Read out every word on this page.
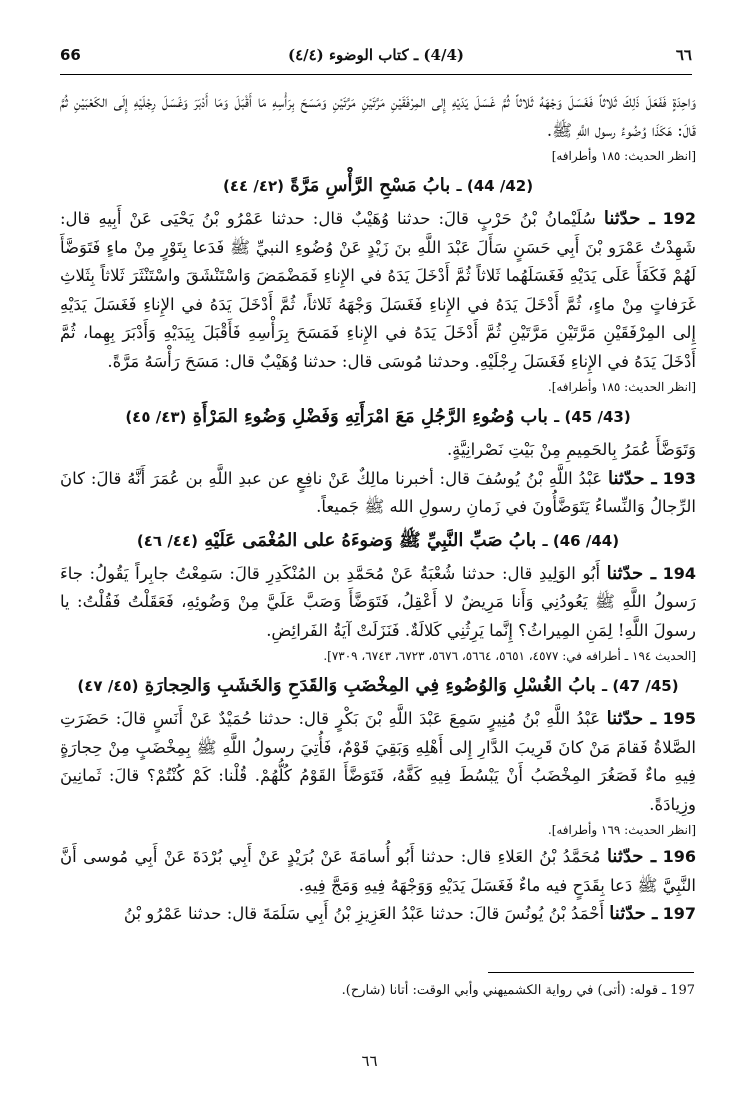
66	(4/4) ـ كتاب الوضوء (٤/٤)	٦٦

وَاحِدَةٍ فَفَعَلَ ذَلِكَ ثَلاثاً فَغَسَلَ وَجْهَهُ ثَلاثاً ثُمَّ غَسَلَ يَدَيْهِ إِلى المِرْفَقَيْنِ مَرَّتَيْنِ مَرَّتَيْنِ وَمَسَحَ بِرَأْسِهِ مَا أَقْبَلَ وَمَا أَدْبَرَ وَغَسَلَ رِجْلَيْهِ إِلَى الكَعْبَيْنِ ثُمَّ قَالَ: هَكَذَا وُضُوءُ رسول اللَّهِ ﷺ.

[انظر الحديث: ١٨٥ وأطرافه]

(42/ 44) ـ بابُ مَسْحِ الرَّأْسِ مَرَّةً (٤٢/ ٤٤)

192 ـ حدّثنا سُلَيْمانُ بْنُ حَرْبٍ قالَ: حدثنا وُهَيْبٌ قال: حدثنا عَمْرُو بْنُ يَحْيَى عَنْ أَبِيهِ قال: شَهِدْتُ عَمْرَو بْنَ أَبِي حَسَنٍ سَأَلَ عَبْدَ اللَّهِ بنَ زَيْدٍ عَنْ وُضُوءِ النبيِّ ﷺ فَدَعا بِتَوْرٍ مِنْ ماءٍ فَتَوَضَّأَ لَهُمْ فَكَفَأَ عَلَى يَدَيْهِ فَغَسَلَهُما ثَلاثاً ثُمَّ أَدْخَلَ يَدَهُ في الإِناءِ فَمَضْمَضَ وَاسْتَنْشَقَ واسْتَنْثَرَ ثَلاثاً بِثَلاثِ غَرَفاتٍ مِنْ ماءٍ، ثُمَّ أَدْخَلَ يَدَهُ في الإِناءِ فَغَسَلَ وَجْهَهُ ثَلاثاً، ثُمَّ أَدْخَلَ يَدَهُ في الإِناءِ فَغَسَلَ يَدَيْهِ إِلى المِرْفَقَيْنِ مَرَّتَيْنِ مَرَّتَيْنِ ثُمَّ أَدْخَلَ يَدَهُ في الإِناءِ فَمَسَحَ بِرَأْسِهِ فَأَقْبَلَ بِيَدَيْهِ وَأَدْبَرَ بِهِما، ثُمَّ أَدْخَلَ يَدَهُ في الإِناءِ فَغَسَلَ رِجْلَيْهِ. وحدثنا مُوسَى قال: حدثنا وُهَيْبٌ قال: مَسَحَ رَأْسَهُ مَرَّةً.

[انظر الحديث: ١٨٥ وأطرافه].

(43/ 45) ـ باب وُضُوءِ الرَّجُلِ مَعَ امْرَأَتِهِ وَفَضْلِ وَضُوءِ المَرْأَةِ (٤٣/ ٤٥)

وَتَوَضَّأَ عُمَرُ بِالحَمِيمِ مِنْ بَيْتِ نَصْرانِيَّةٍ.

193 ـ حدّثنا عَبْدُ اللَّهِ بْنُ يُوسُفَ قال: أخبرنا مالِكٌ عَنْ نافِعٍ عن عبدِ اللَّهِ بن عُمَرَ أَنَّهُ قالَ: كانَ الرِّجالُ وَالنِّساءُ يَتَوَضَّأُونَ في زَمانِ رسولِ الله ﷺ جَميعاً.

(44/ 46) ـ بابُ صَبِّ النَّبِيِّ ﷺ وَضوءَهُ على المُغْمَى عَلَيْهِ (٤٤/ ٤٦)

194 ـ حدّثنا أَبُو الوَلِيدِ قال: حدثنا شُعْبَةُ عَنْ مُحَمَّدِ بن المُنْكَدِرِ قالَ: سَمِعْتُ جابِراً يَقُولُ: جاءَ رَسولُ اللَّهِ ﷺ يَعُودُنِي وَأَنا مَرِيضٌ لا أَعْقِلُ، فَتَوَضَّأَ وَصَبَّ عَلَيَّ مِنْ وَضُوئِهِ، فَعَقَلْتُ فَقُلْتُ: يا رسولَ اللَّهِ! لِمَنِ المِيراثُ؟ إِنَّما يَرِثُنِي كَلالَةٌ. فَنَزَلَتْ آيَةُ الفَرائِضِ.

[الحديث ١٩٤ ـ أطرافه في: ٤٥٧٧، ٥٦٥١، ٥٦٦٤، ٥٦٧٦، ٦٧٢٣، ٦٧٤٣، ٧٣٠٩].

(45/ 47) ـ بابُ الغُسْلِ وَالوُضُوءِ فِي المِخْضَبِ وَالقَدَحِ وَالخَشَبِ وَالحِجارَةِ (٤٥/ ٤٧)

195 ـ حدّثنا عَبْدُ اللَّهِ بْنُ مُنِيرٍ سَمِعَ عَبْدَ اللَّهِ بْنَ بَكْرٍ قال: حدثنا حُمَيْدٌ عَنْ أَنَسٍ قالَ: حَضَرَتِ الصَّلاةُ فَقامَ مَنْ كانَ قَرِيبَ الدَّارِ إِلى أَهْلِهِ وَبَقِيَ قَوْمٌ، فَأُتِيَ رسولُ اللَّهِ ﷺ بِمِخْضَبٍ مِنْ حِجارَةٍ فِيهِ ماءٌ فَصَغُرَ المِخْضَبُ أَنْ يَبْسُطَ فِيهِ كَفَّهُ، فَتَوَضَّأَ القَوْمُ كُلُّهُمْ. قُلْنا: كَمْ كُنْتُمْ؟ قالَ: ثَمانِينَ وزِيادَةً.

[انظر الحديث: ١٦٩ وأطرافه].

196 ـ حدّثنا مُحَمَّدُ بْنُ العَلاءِ قال: حدثنا أَبُو أُسامَةَ عَنْ بُرَيْدٍ عَنْ أَبِي بُرْدَةَ عَنْ أَبِي مُوسى أَنَّ النَّبِيَّ ﷺ دَعا بِقَدَحٍ فيه ماءٌ فَغَسَلَ يَدَيْهِ وَوَجْهَهُ فِيهِ وَمَجَّ فِيهِ.

197 ـ حدّثنا أَحْمَدُ بْنُ يُونُسَ قالَ: حدثنا عَبْدُ العَزِيزِ بْنُ أَبِي سَلَمَةَ قال: حدثنا عَمْرُو بْنُ

197 ـ قوله: (أتى) في رواية الكشميهني وأبي الوقت: أتانا (شارح).
٦٦
